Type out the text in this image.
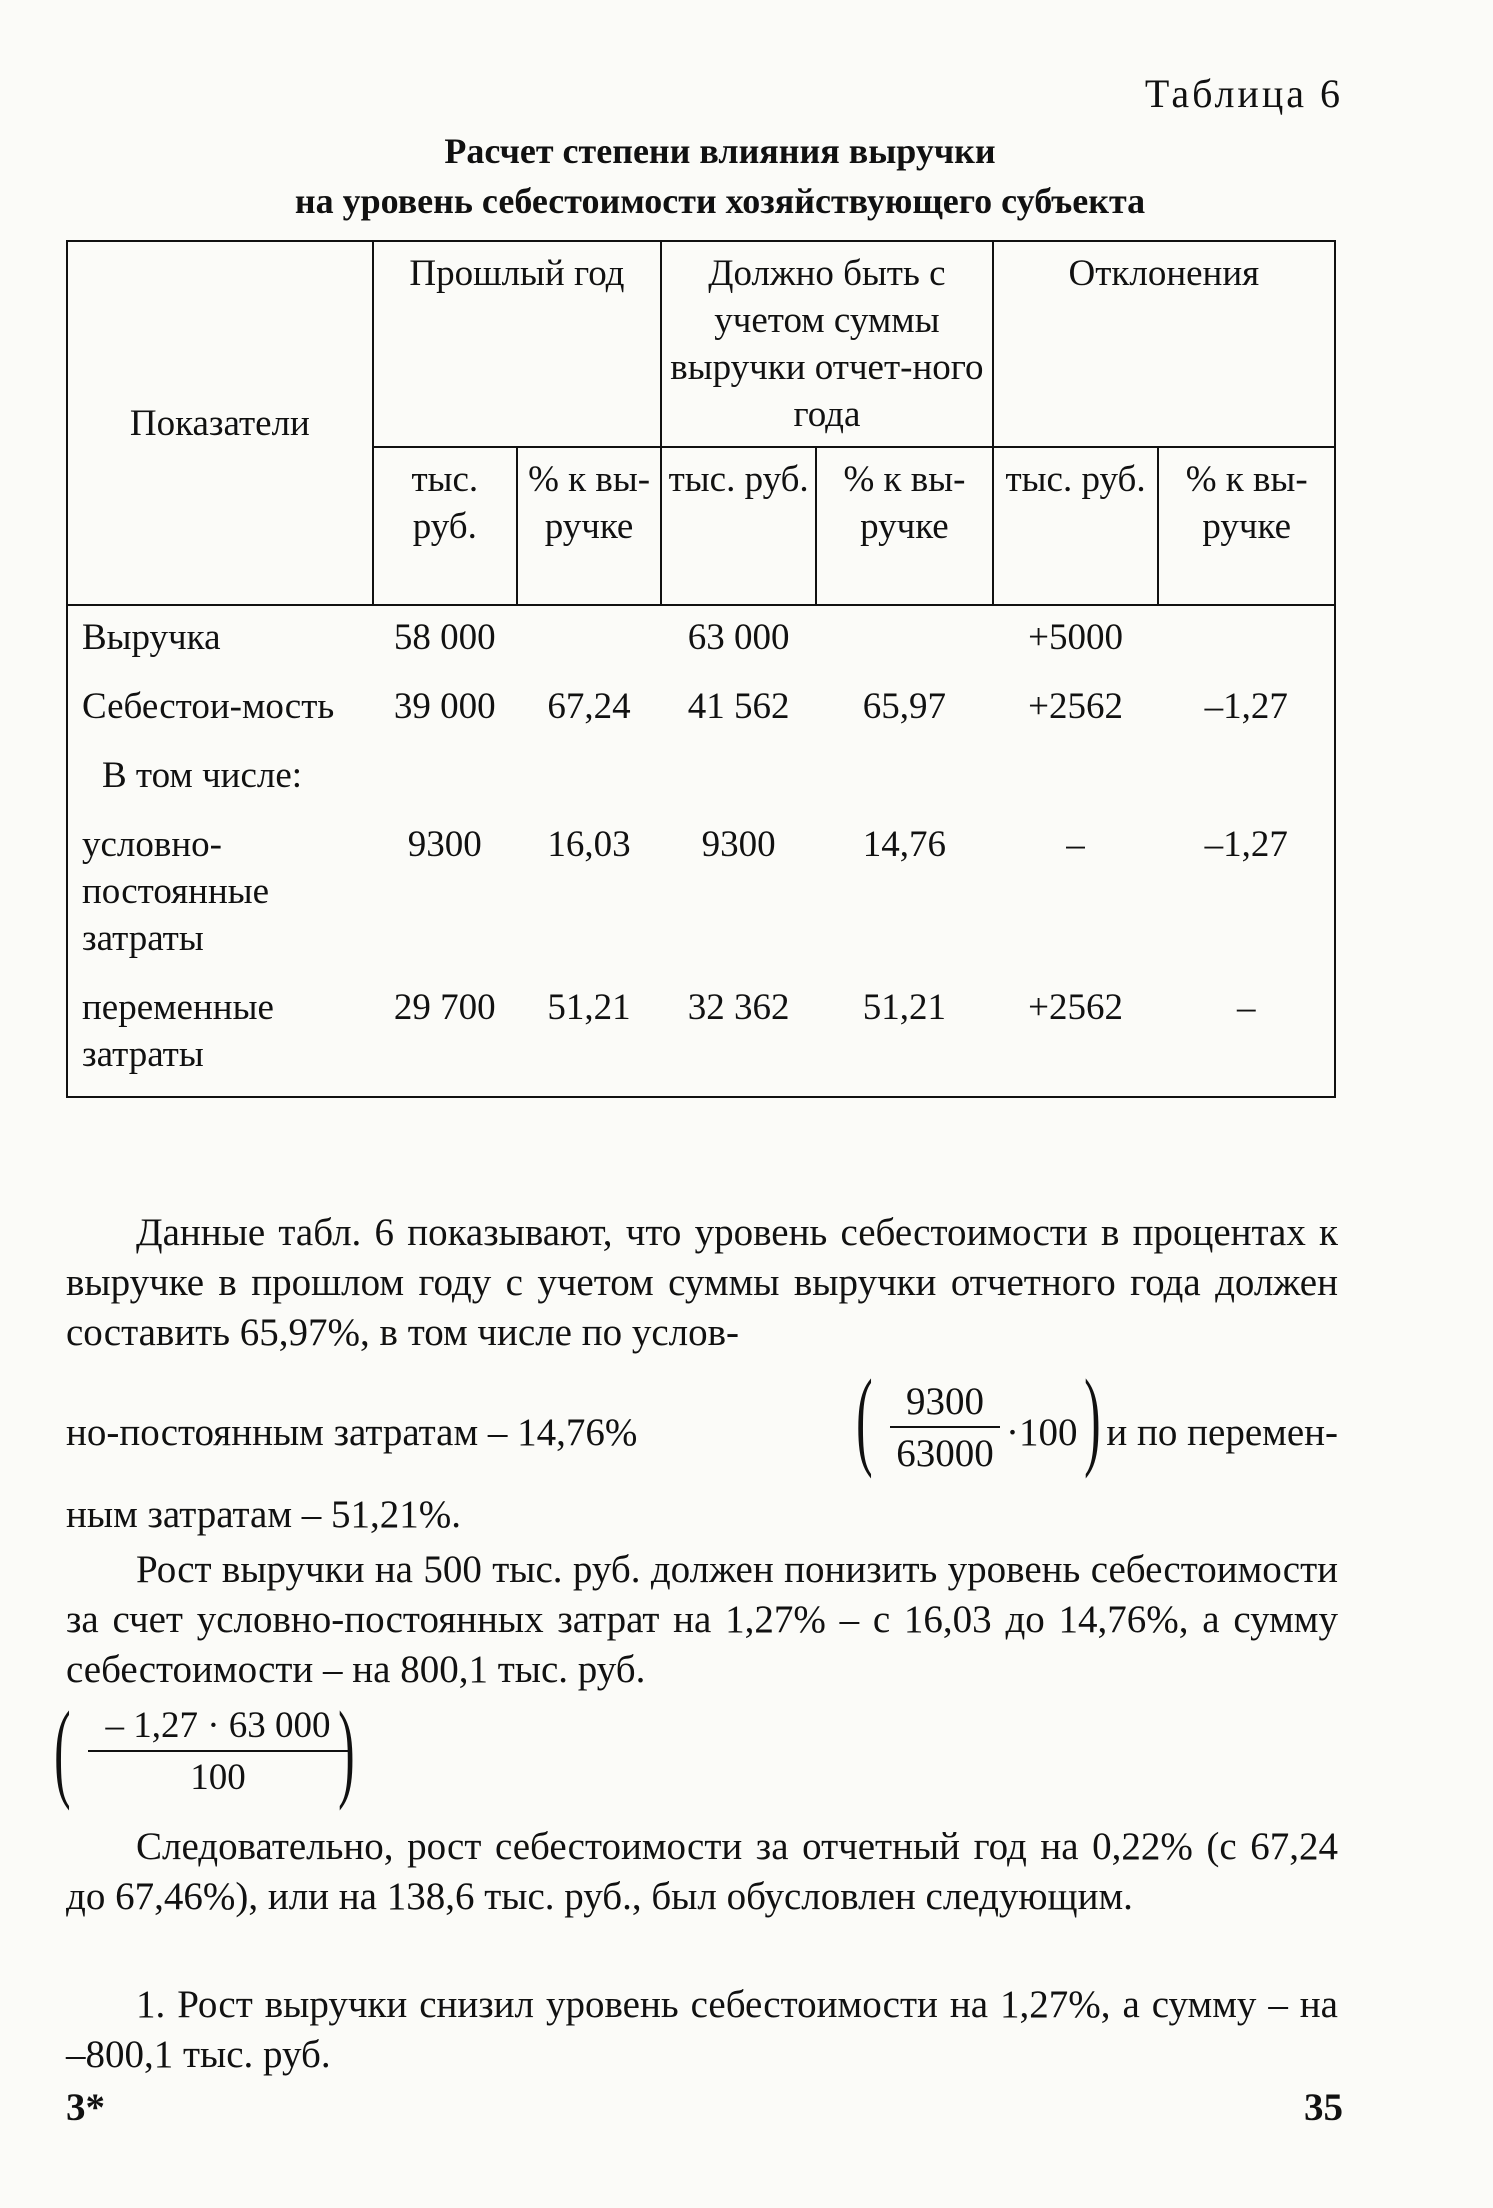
Таблица 6
Расчет степени влияния выручки
на уровень себестоимости хозяйствующего субъекта
Показатели	Прошлый год		Должно быть с учетом суммы выручки отчет-ного года		Отклонения	
	тыс. руб.	% к вы-ручке	тыс. руб.	% к вы-ручке	тыс. руб.	% к вы-ручке

Выручка	58 000		63 000		+5000	
Себестои-мость	39 000	67,24	41 562	65,97	+2562	–1,27
В том числе:						
условно-постоянные затраты	9300	16,03	9300	14,76	–	–1,27
переменные затраты	29 700	51,21	32 362	51,21	+2562	–
Данные табл. 6 показывают, что уровень себестоимости в процентах к выручке в прошлом году с учетом суммы выручки отчетного года должен составить 65,97%, в том числе по услов-
но-постоянным затратам – 14,76% ( $\frac{9300}{63000} \cdot 100$ ) и по перемен-
ным затратам – 51,21%.
Рост выручки на 500 тыс. руб. должен понизить уровень себестоимости за счет условно-постоянных затрат на 1,27% – с 16,03 до 14,76%, а сумму себестоимости – на 800,1 тыс. руб.
( $\frac{- 1,27 \cdot 63 000}{100}$
)
Следовательно, рост себестоимости за отчетный год на 0,22% (с 67,24 до 67,46%), или на 138,6 тыс. руб., был обусловлен следующим.
1. Рост выручки снизил уровень себестоимости на 1,27%, а сумму – на –800,1 тыс. руб.
3*	35
